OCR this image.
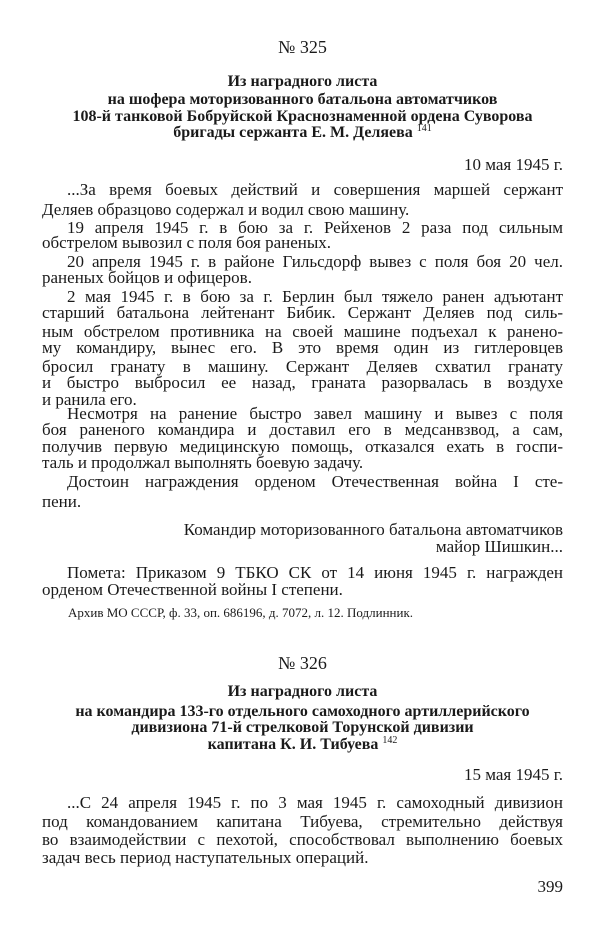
№ 325
Из наградного листа
на шофера моторизованного батальона автоматчиков
108-й танковой Бобруйской Краснознаменной ордена Суворова
бригады сержанта Е. М. Деляева $^{141}$
10 мая 1945 г.
...За время боевых действий и совершения маршей сержант
Деляев образцово содержал и водил свою машину.
19 апреля 1945 г. в бою за г. Рейхенов 2 раза под сильным
обстрелом вывозил с поля боя раненых.
20 апреля 1945 г. в районе Гильсдорф вывез с поля боя 20 чел.
раненых бойцов и офицеров.
2 мая 1945 г. в бою за г. Берлин был тяжело ранен адъютант
старший батальона лейтенант Бибик. Сержант Деляев под силь-
ным обстрелом противника на своей машине подъехал к ранено-
му командиру, вынес его. В это время один из гитлеровцев
бросил гранату в машину. Сержант Деляев схватил гранату
и быстро выбросил ее назад, граната разорвалась в воздухе
и ранила его.
Несмотря на ранение быстро завел машину и вывез с поля
боя раненого командира и доставил его в медсанвзвод, а сам,
получив первую медицинскую помощь, отказался ехать в госпи-
таль и продолжал выполнять боевую задачу.
Достоин награждения орденом Отечественная война I сте-
пени.
Командир моторизованного батальона автоматчиков
майор Шишкин...
Помета: Приказом 9 ТБКО СК от 14 июня 1945 г. награжден
орденом Отечественной войны I степени.
Архив МО СССР, ф. 33, оп. 686196, д. 7072, л. 12. Подлинник.
№ 326
Из наградного листа
на командира 133-го отдельного самоходного артиллерийского
дивизиона 71-й стрелковой Торунской дивизии
капитана К. И. Тибуева $^{142}$
15 мая 1945 г.
...С 24 апреля 1945 г. по 3 мая 1945 г. самоходный дивизион
под командованием капитана Тибуева, стремительно действуя
во взаимодействии с пехотой, способствовал выполнению боевых
задач весь период наступательных операций.
399
